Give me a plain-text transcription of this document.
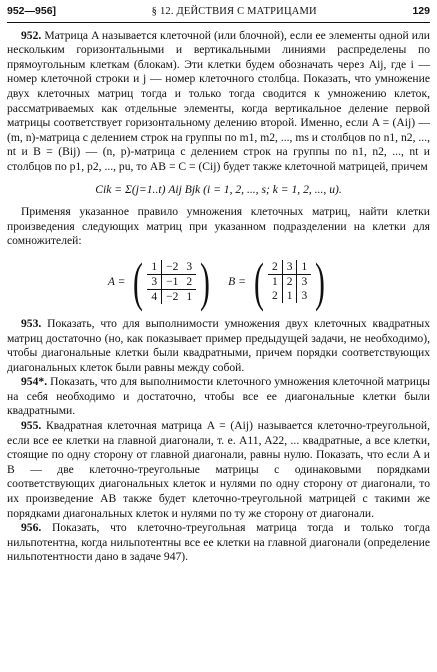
952—956]	§ 12. ДЕЙСТВИЯ С МАТРИЦАМИ	129

952. Матрица A называется клеточной (или блочной), если ее элементы одной или нескольким горизонтальными и вертикальными линиями распределены по прямоугольным клеткам (блокам). Эти клетки будем обозначать через Aij, где i — номер клеточной строки и j — номер клеточного столбца. Показать, что умножение двух клеточных матриц тогда и только тогда сводится к умножению клеток, рассматриваемых как отдельные элементы, когда вертикальное деление первой матрицы соответствует горизонтальному делению второй. Именно, если A = (Aij) — (m, n)-матрица с делением строк на группы по m1, m2, ..., ms и столбцов по n1, n2, ..., nt и B = (Bij) — (n, p)-матрица с делением строк на группы по n1, n2, ..., nt и столбцов по p1, p2, ..., pu, то AB = C = (Cij) будет также клеточной матрицей, причем

Cik = Σ(j=1..t) Aij Bjk (i = 1, 2, ..., s; k = 1, 2, ..., u).

Применяя указанное правило умножения клеточных матриц, найти клетки произведения следующих матриц при указанном подразделении на клетки для сомножителей:

A = ( 1	−2	3
3	−1	2
4	−2	1 ) B = ( 2	3	1
1	2	3
2	1	3 )

953. Показать, что для выполнимости умножения двух клеточных квадратных матриц достаточно (но, как показывает пример предыдущей задачи, не необходимо), чтобы диагональные клетки были квадратными, причем порядки соответствующих диагональных клеток были равны между собой.

954*. Показать, что для выполнимости клеточного умножения клеточной матрицы на себя необходимо и достаточно, чтобы все ее диагональные клетки были квадратными.

955. Квадратная клеточная матрица A = (Aij) называется клеточно-треугольной, если все ее клетки на главной диагонали, т. е. A11, A22, ... квадратные, а все клетки, стоящие по одну сторону от главной диагонали, равны нулю. Показать, что если A и B — две клеточно-треугольные матрицы с одинаковыми порядками соответствующих диагональных клеток и нулями по одну сторону от диагонали, то их произведение AB также будет клеточно-треугольной матрицей с такими же порядками диагональных клеток и нулями по ту же сторону от диагонали.

956. Показать, что клеточно-треугольная матрица тогда и только тогда нильпотентна, когда нильпотентны все ее клетки на главной диагонали (определение нильпотентности дано в задаче 947).
